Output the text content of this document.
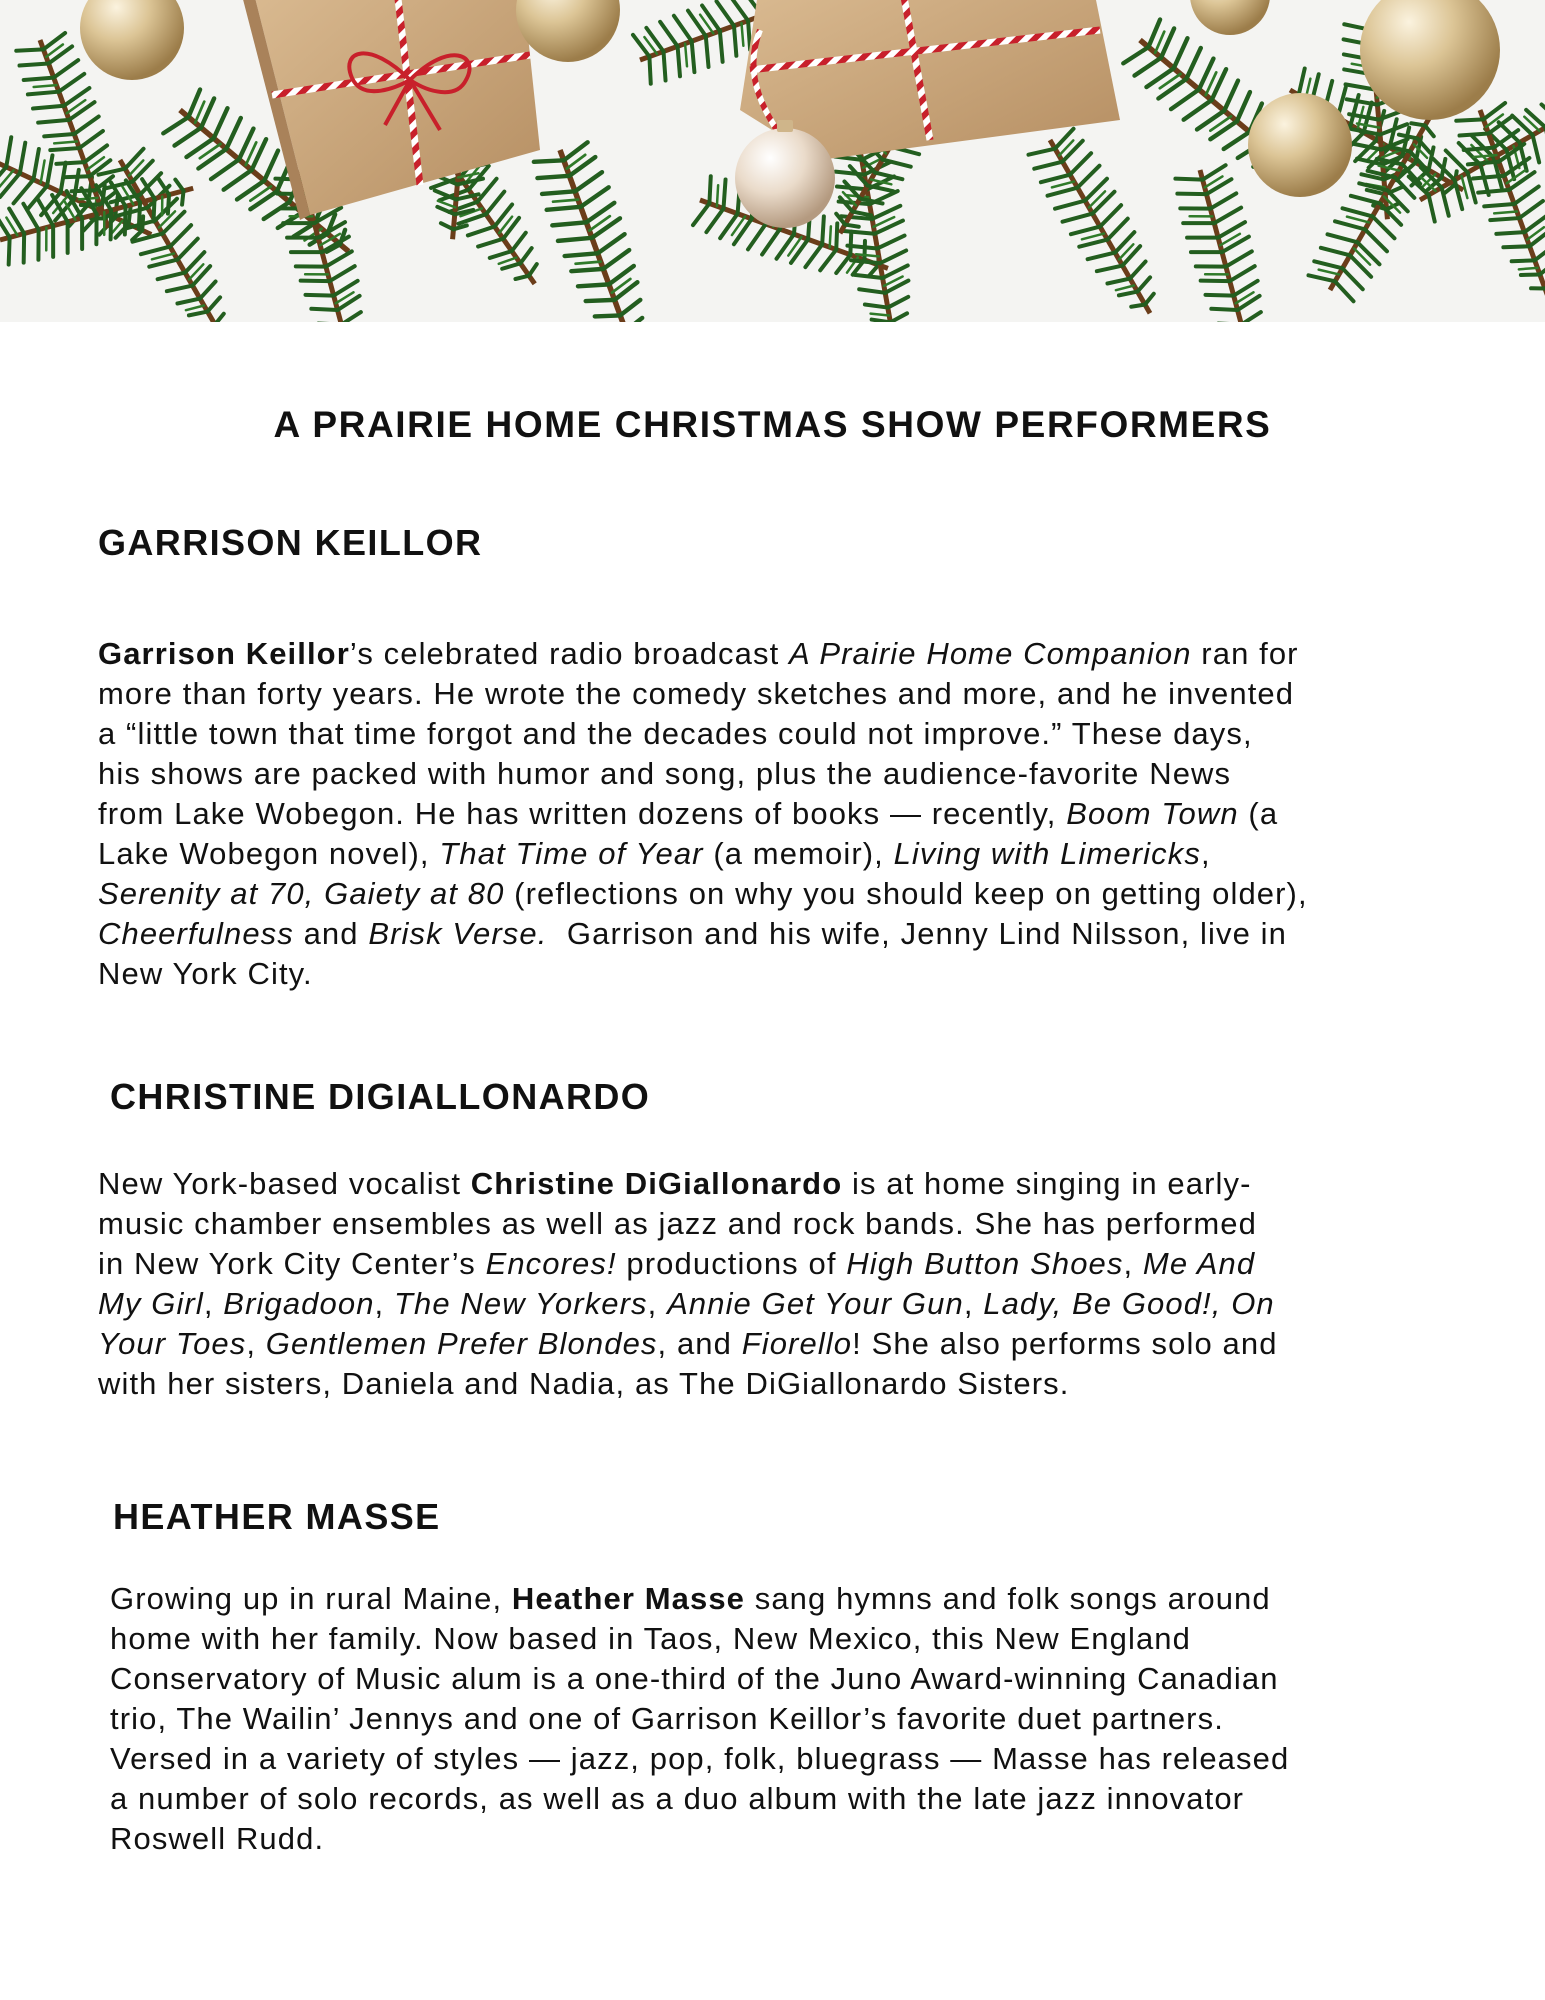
A PRAIRIE HOME CHRISTMAS SHOW PERFORMERS
GARRISON KEILLOR
Garrison Keillor’s celebrated radio broadcast A Prairie Home Companion ran for
more than forty years. He wrote the comedy sketches and more, and he invented
a “little town that time forgot and the decades could not improve.” These days,
his shows are packed with humor and song, plus the audience-favorite News
from Lake Wobegon. He has written dozens of books — recently, Boom Town (a
Lake Wobegon novel), That Time of Year (a memoir), Living with Limericks,
Serenity at 70, Gaiety at 80 (reflections on why you should keep on getting older),
Cheerfulness and Brisk Verse.  Garrison and his wife, Jenny Lind Nilsson, live in
New York City.
CHRISTINE DIGIALLONARDO
New York-based vocalist Christine DiGiallonardo is at home singing in early-
music chamber ensembles as well as jazz and rock bands. She has performed
in New York City Center’s Encores! productions of High Button Shoes, Me And
My Girl, Brigadoon, The New Yorkers, Annie Get Your Gun, Lady, Be Good!, On
Your Toes, Gentlemen Prefer Blondes, and Fiorello! She also performs solo and
with her sisters, Daniela and Nadia, as The DiGiallonardo Sisters.
HEATHER MASSE
Growing up in rural Maine, Heather Masse sang hymns and folk songs around
home with her family. Now based in Taos, New Mexico, this New England
Conservatory of Music alum is a one-third of the Juno Award-winning Canadian
trio, The Wailin’ Jennys and one of Garrison Keillor’s favorite duet partners.
Versed in a variety of styles — jazz, pop, folk, bluegrass — Masse has released
a number of solo records, as well as a duo album with the late jazz innovator
Roswell Rudd.
